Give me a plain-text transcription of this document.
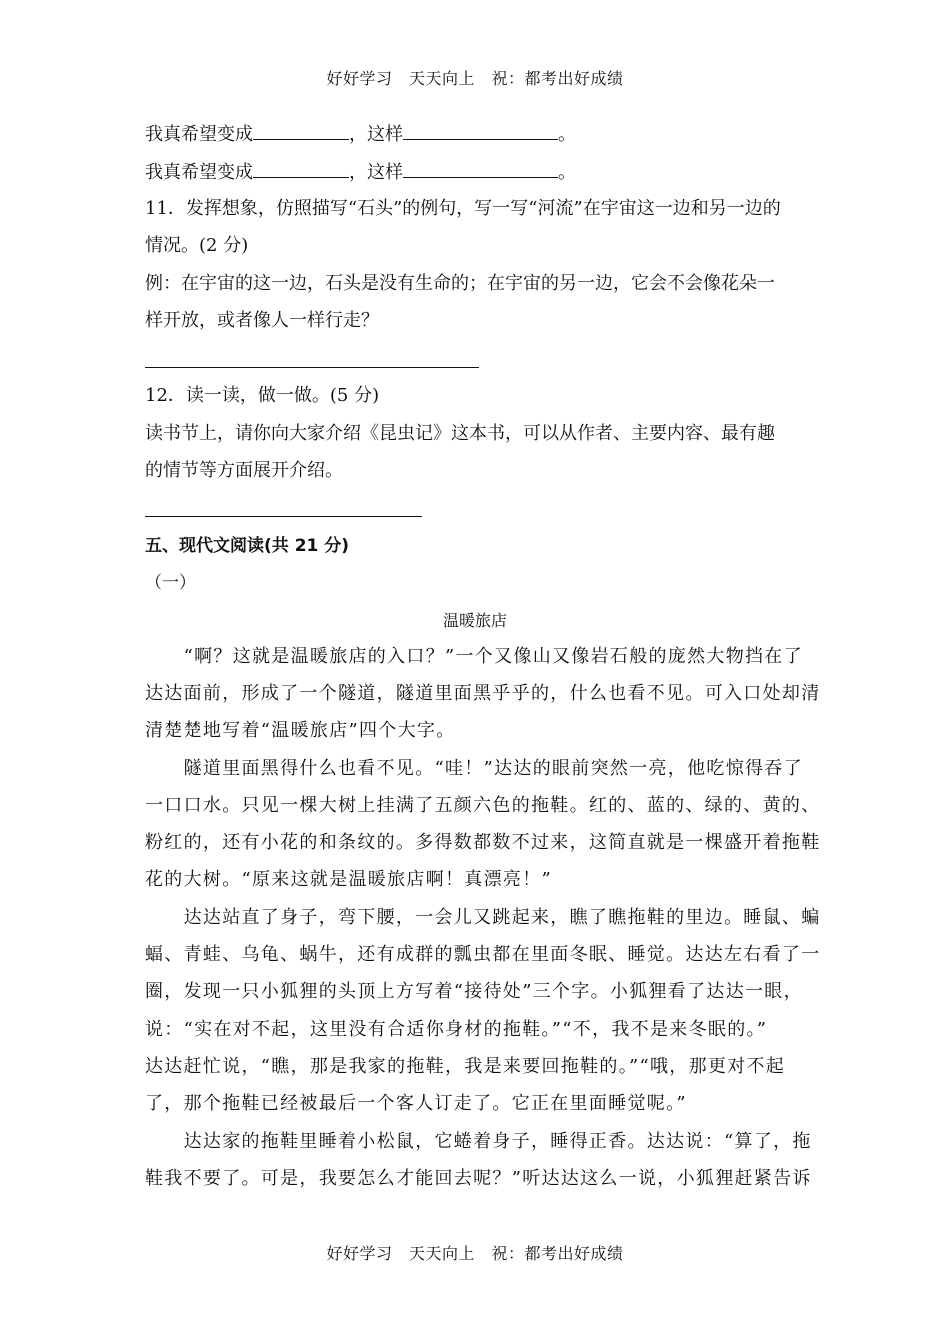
好好学习　天天向上　祝：都考出好成绩
我真希望变成	，这样	。
我真希望变成	，这样	。
11．发挥想象，仿照描写“石头”的例句，写一写“河流”在宇宙这一边和另一边的
情况。(2 分)
例：在宇宙的这一边，石头是没有生命的；在宇宙的另一边，它会不会像花朵一
样开放，或者像人一样行走？
12．读一读，做一做。(5 分)
读书节上，请你向大家介绍《昆虫记》这本书，可以从作者、主要内容、最有趣
的情节等方面展开介绍。
五、现代文阅读(共 21 分)
（一）
温暖旅店
　　“啊？这就是温暖旅店的入口？”一个又像山又像岩石般的庞然大物挡在了
达达面前，形成了一个隧道，隧道里面黑乎乎的，什么也看不见。可入口处却清
清楚楚地写着“温暖旅店”四个大字。
　　隧道里面黑得什么也看不见。“哇！”达达的眼前突然一亮，他吃惊得吞了
一口口水。只见一棵大树上挂满了五颜六色的拖鞋。红的、蓝的、绿的、黄的、
粉红的，还有小花的和条纹的。多得数都数不过来，这简直就是一棵盛开着拖鞋
花的大树。“原来这就是温暖旅店啊！真漂亮！”
　　达达站直了身子，弯下腰，一会儿又跳起来，瞧了瞧拖鞋的里边。睡鼠、蝙
蝠、青蛙、乌龟、蜗牛，还有成群的瓢虫都在里面冬眠、睡觉。达达左右看了一
圈，发现一只小狐狸的头顶上方写着“接待处”三个字。小狐狸看了达达一眼，
说：“实在对不起，这里没有合适你身材的拖鞋。”“不，我不是来冬眠的。”
达达赶忙说，“瞧，那是我家的拖鞋，我是来要回拖鞋的。”“哦，那更对不起
了，那个拖鞋已经被最后一个客人订走了。它正在里面睡觉呢。”
　　达达家的拖鞋里睡着小松鼠，它蜷着身子，睡得正香。达达说：“算了，拖
鞋我不要了。可是，我要怎么才能回去呢？”听达达这么一说，小狐狸赶紧告诉
好好学习　天天向上　祝：都考出好成绩
